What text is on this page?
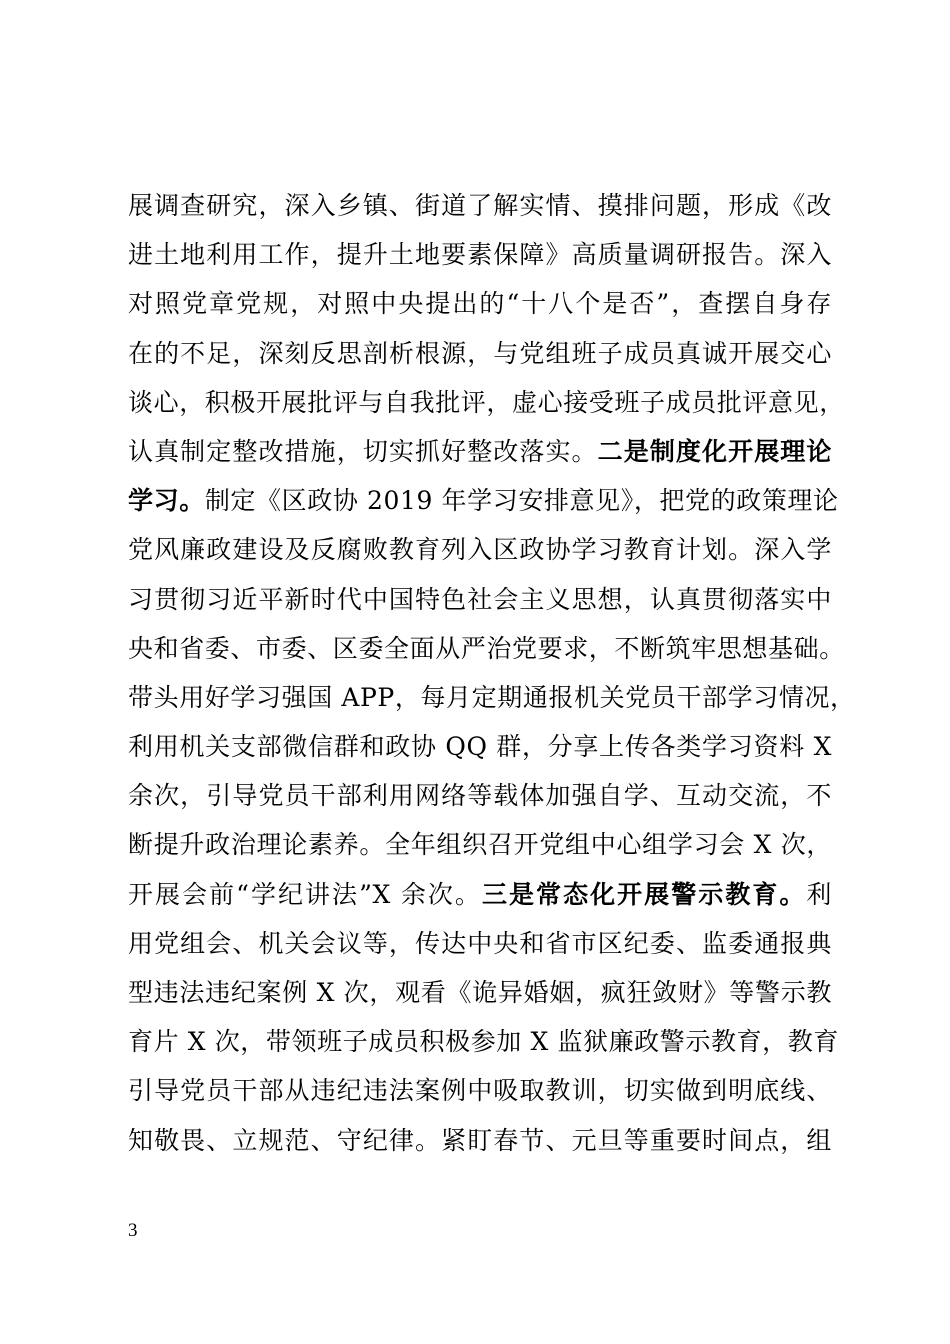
展调查研究，深入乡镇、街道了解实情、摸排问题，形成《改
进土地利用工作，提升土地要素保障》高质量调研报告。深入
对照党章党规，对照中央提出的“十八个是否”，查摆自身存
在的不足，深刻反思剖析根源，与党组班子成员真诚开展交心
谈心，积极开展批评与自我批评，虚心接受班子成员批评意见，
认真制定整改措施，切实抓好整改落实。二是制度化开展理论
学习。制定《区政协 2019 年学习安排意见》，把党的政策理论
党风廉政建设及反腐败教育列入区政协学习教育计划。深入学
习贯彻习近平新时代中国特色社会主义思想，认真贯彻落实中
央和省委、市委、区委全面从严治党要求，不断筑牢思想基础。
带头用好学习强国 APP，每月定期通报机关党员干部学习情况，
利用机关支部微信群和政协 QQ 群，分享上传各类学习资料 X
余次，引导党员干部利用网络等载体加强自学、互动交流，不
断提升政治理论素养。全年组织召开党组中心组学习会 X 次，
开展会前“学纪讲法”X 余次。三是常态化开展警示教育。利
用党组会、机关会议等，传达中央和省市区纪委、监委通报典
型违法违纪案例 X 次，观看《诡异婚姻，疯狂敛财》等警示教
育片 X 次，带领班子成员积极参加 X 监狱廉政警示教育，教育
引导党员干部从违纪违法案例中吸取教训，切实做到明底线、
知敬畏、立规范、守纪律。紧盯春节、元旦等重要时间点，组
3
